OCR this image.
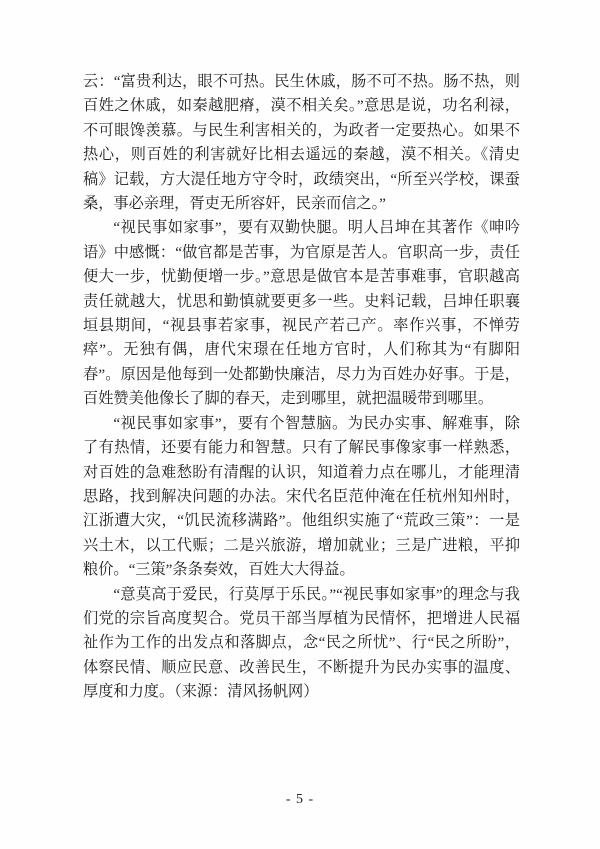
云：“富贵利达，眼不可热。民生休戚，肠不可不热。肠不热，则百姓之休戚，如秦越肥瘠，漠不相关矣。”意思是说，功名利禄，不可眼馋羡慕。与民生利害相关的，为政者一定要热心。如果不热心，则百姓的利害就好比相去遥远的秦越，漠不相关。《清史稿》记载，方大湜任地方守令时，政绩突出，“所至兴学校，课蚕桑，事必亲理，胥吏无所容奸，民亲而信之。”

“视民事如家事”，要有双勤快腿。明人吕坤在其著作《呻吟语》中感慨：“做官都是苦事，为官原是苦人。官职高一步，责任便大一步，忧勤便增一步。”意思是做官本是苦事难事，官职越高责任就越大，忧思和勤慎就要更多一些。史料记载，吕坤任职襄垣县期间，“视县事若家事，视民产若己产。率作兴事，不惮劳瘁”。无独有偶，唐代宋璟在任地方官时，人们称其为“有脚阳春”。原因是他每到一处都勤快廉洁，尽力为百姓办好事。于是，百姓赞美他像长了脚的春天，走到哪里，就把温暖带到哪里。

“视民事如家事”，要有个智慧脑。为民办实事、解难事，除了有热情，还要有能力和智慧。只有了解民事像家事一样熟悉，对百姓的急难愁盼有清醒的认识，知道着力点在哪儿，才能理清思路，找到解决问题的办法。宋代名臣范仲淹在任杭州知州时，江浙遭大灾，“饥民流移满路”。他组织实施了“荒政三策”：一是兴土木，以工代赈；二是兴旅游，增加就业；三是广进粮，平抑粮价。“三策”条条奏效，百姓大大得益。

“意莫高于爱民，行莫厚于乐民。”“视民事如家事”的理念与我们党的宗旨高度契合。党员干部当厚植为民情怀，把增进人民福祉作为工作的出发点和落脚点，念“民之所忧”、行“民之所盼”，体察民情、顺应民意、改善民生，不断提升为民办实事的温度、厚度和力度。（来源：清风扬帆网）

- 5 -
